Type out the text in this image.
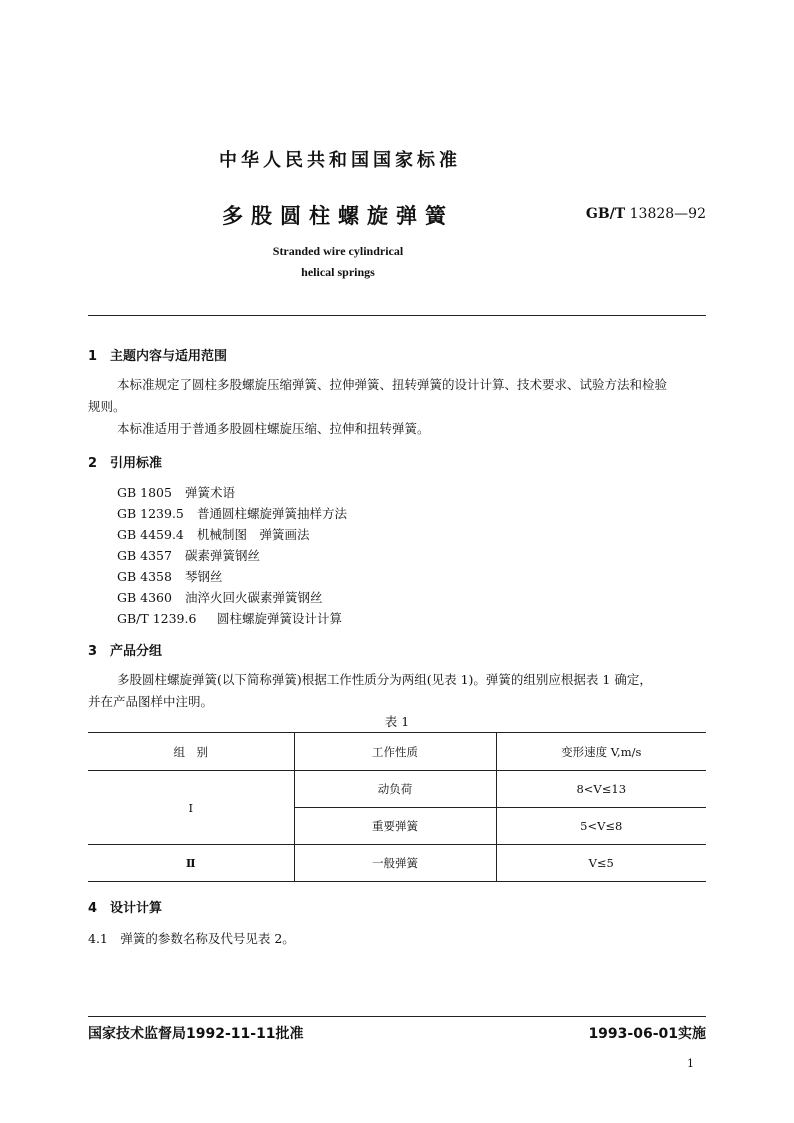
中华人民共和国国家标准
多股圆柱螺旋弹簧	GB/T 13828—92
Stranded wire cylindrical
helical springs
1　主题内容与适用范围
本标准规定了圆柱多股螺旋压缩弹簧、拉伸弹簧、扭转弹簧的设计计算、技术要求、试验方法和检验
规则。
本标准适用于普通多股圆柱螺旋压缩、拉伸和扭转弹簧。
2　引用标准
GB 1805 弹簧术语
GB 1239.5 普通圆柱螺旋弹簧抽样方法
GB 4459.4 机械制图　弹簧画法
GB 4357 碳素弹簧钢丝
GB 4358 琴钢丝
GB 4360 油淬火回火碳素弹簧钢丝
GB/T 1239.6 圆柱螺旋弹簧设计计算
3　产品分组
多股圆柱螺旋弹簧(以下简称弹簧)根据工作性质分为两组(见表 1)。弹簧的组别应根据表 1 确定，
并在产品图样中注明。
表 1
组　别	工作性质	变形速度 V,m/s
Ⅰ	动负荷	8<V≤13
	重要弹簧	5<V≤8
Ⅱ	一般弹簧	V≤5
4　设计计算
4.1　弹簧的参数名称及代号见表 2。
国家技术监督局1992-11-11批准	1993-06-01实施
1
